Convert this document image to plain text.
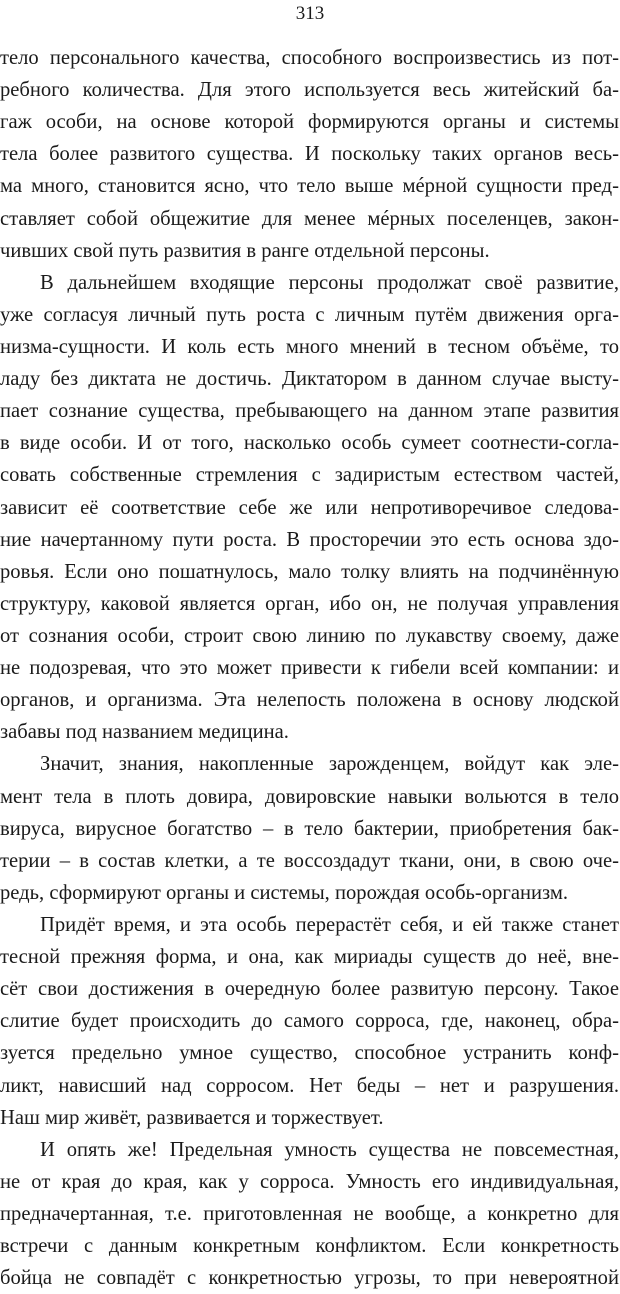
313
тело персонального качества, способного воспроизвестись из пот-
ребного количества. Для этого используется весь житейский ба-
гаж особи, на основе которой формируются органы и системы
тела более развитого существа. И поскольку таких органов весь-
ма много, становится ясно, что тело выше мéрной сущности пред-
ставляет собой общежитие для менее мéрных поселенцев, закон-
чивших свой путь развития в ранге отдельной персоны.
В дальнейшем входящие персоны продолжат своё развитие,
уже согласуя личный путь роста с личным путём движения орга-
низма-сущности. И коль есть много мнений в тесном объёме, то
ладу без диктата не достичь. Диктатором в данном случае высту-
пает сознание существа, пребывающего на данном этапе развития
в виде особи. И от того, насколько особь сумеет соотнести-согла-
совать собственные стремления с задиристым естеством частей,
зависит её соответствие себе же или непротиворечивое следова-
ние начертанному пути роста. В просторечии это есть основа здо-
ровья. Если оно пошатнулось, мало толку влиять на подчинённую
структуру, каковой является орган, ибо он, не получая управления
от сознания особи, строит свою линию по лукавству своему, даже
не подозревая, что это может привести к гибели всей компании: и
органов, и организма. Эта нелепость положена в основу людской
забавы под названием медицина.
Значит, знания, накопленные зарожденцем, войдут как эле-
мент тела в плоть довира, довировские навыки вольются в тело
вируса, вирусное богатство – в тело бактерии, приобретения бак-
терии – в состав клетки, а те воссоздадут ткани, они, в свою оче-
редь, сформируют органы и системы, порождая особь-организм.
Придёт время, и эта особь перерастёт себя, и ей также станет
тесной прежняя форма, и она, как мириады существ до неё, вне-
сёт свои достижения в очередную более развитую персону. Такое
слитие будет происходить до самого сорроса, где, наконец, обра-
зуется предельно умное существо, способное устранить конф-
ликт, нависший над сорросом. Нет беды – нет и разрушения.
Наш мир живёт, развивается и торжествует.
И опять же! Предельная умность существа не повсеместная,
не от края до края, как у сорроса. Умность его индивидуальная,
предначертанная, т.е. приготовленная не вообще, а конкретно для
встречи с данным конкретным конфликтом. Если конкретность
бойца не совпадёт с конкретностью угрозы, то при невероятной
